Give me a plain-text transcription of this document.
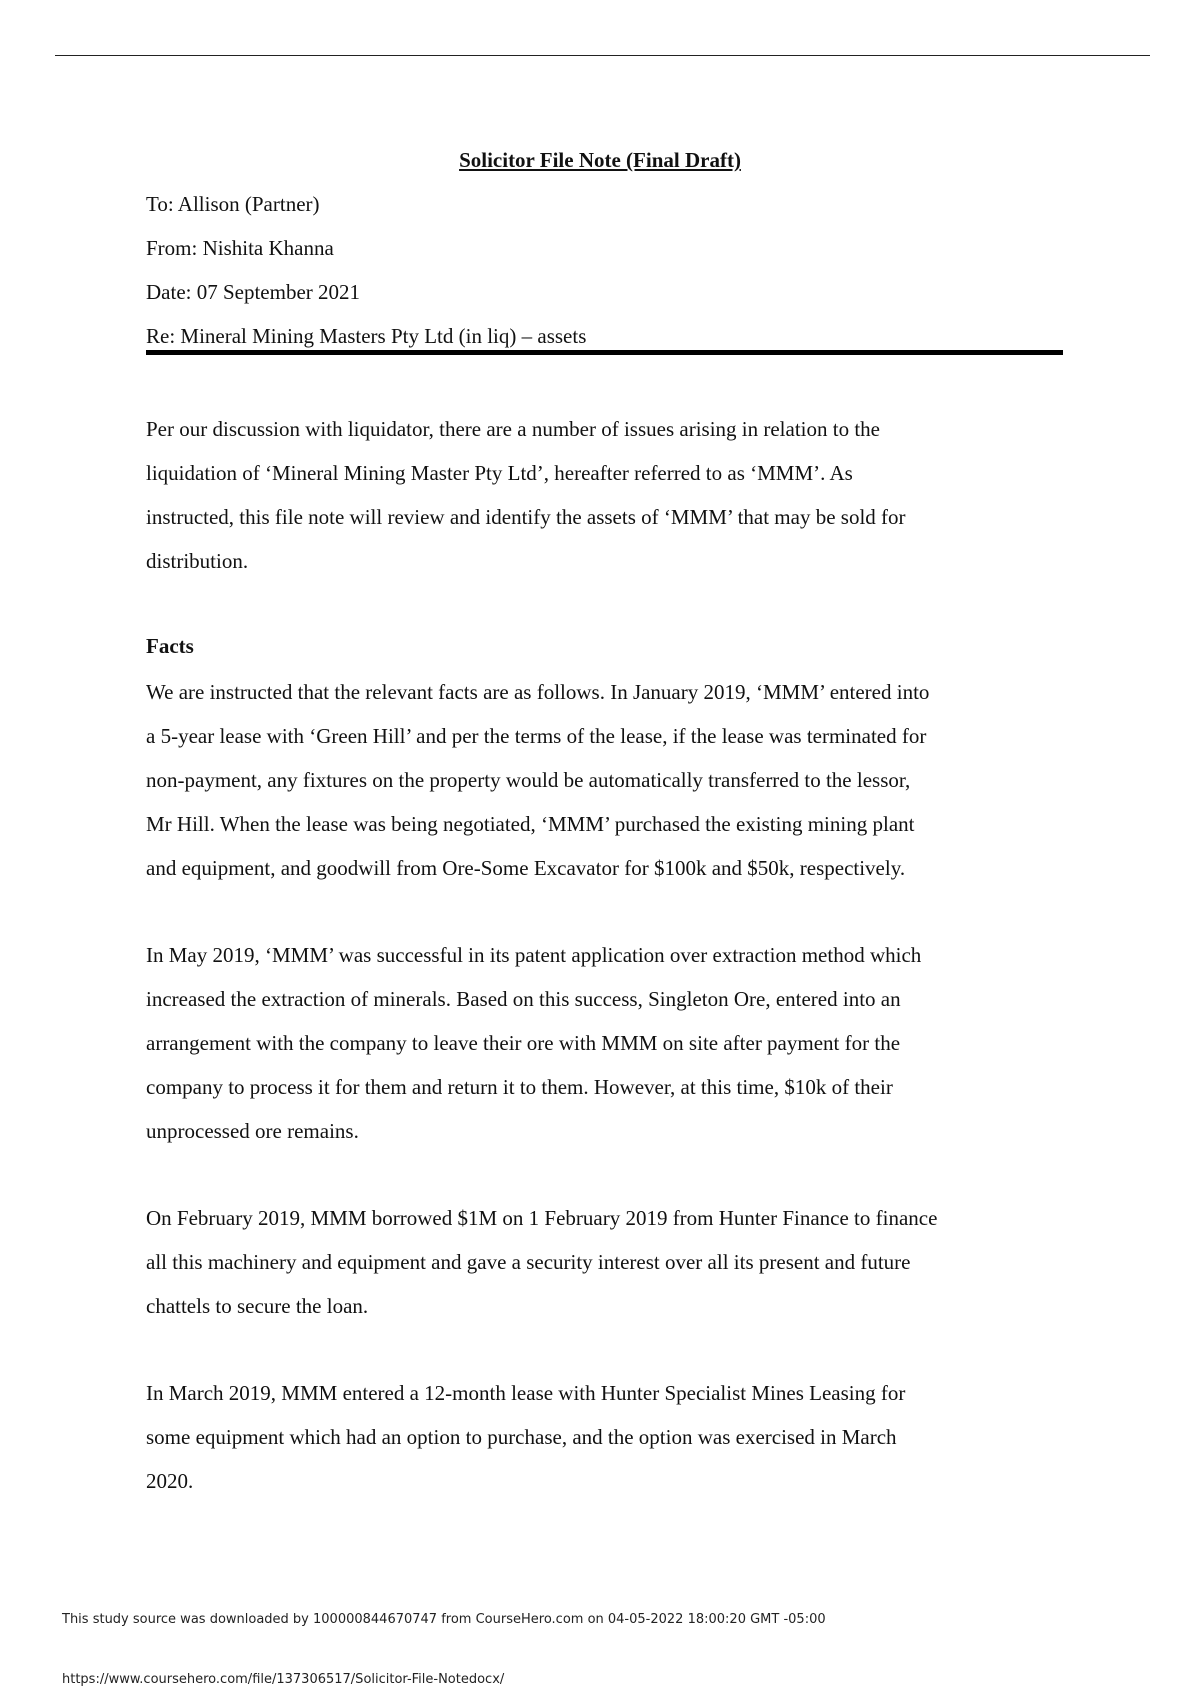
Solicitor File Note (Final Draft)

To: Allison (Partner)

From: Nishita Khanna

Date: 07 September 2021

Re: Mineral Mining Masters Pty Ltd (in liq) – assets

Per our discussion with liquidator, there are a number of issues arising in relation to the
liquidation of ‘Mineral Mining Master Pty Ltd’, hereafter referred to as ‘MMM’. As
instructed, this file note will review and identify the assets of ‘MMM’ that may be sold for
distribution.
Facts
We are instructed that the relevant facts are as follows. In January 2019, ‘MMM’ entered into
a 5-year lease with ‘Green Hill’ and per the terms of the lease, if the lease was terminated for
non-payment, any fixtures on the property would be automatically transferred to the lessor,
Mr Hill. When the lease was being negotiated, ‘MMM’ purchased the existing mining plant
and equipment, and goodwill from Ore-Some Excavator for $100k and $50k, respectively.
In May 2019, ‘MMM’ was successful in its patent application over extraction method which
increased the extraction of minerals. Based on this success, Singleton Ore, entered into an
arrangement with the company to leave their ore with MMM on site after payment for the
company to process it for them and return it to them. However, at this time, $10k of their
unprocessed ore remains.
On February 2019, MMM borrowed $1M on 1 February 2019 from Hunter Finance to finance
all this machinery and equipment and gave a security interest over all its present and future
chattels to secure the loan.
In March 2019, MMM entered a 12-month lease with Hunter Specialist Mines Leasing for
some equipment which had an option to purchase, and the option was exercised in March
2020.

This study source was downloaded by 100000844670747 from CourseHero.com on 04-05-2022 18:00:20 GMT -05:00

https://www.coursehero.com/file/137306517/Solicitor-File-Notedocx/
